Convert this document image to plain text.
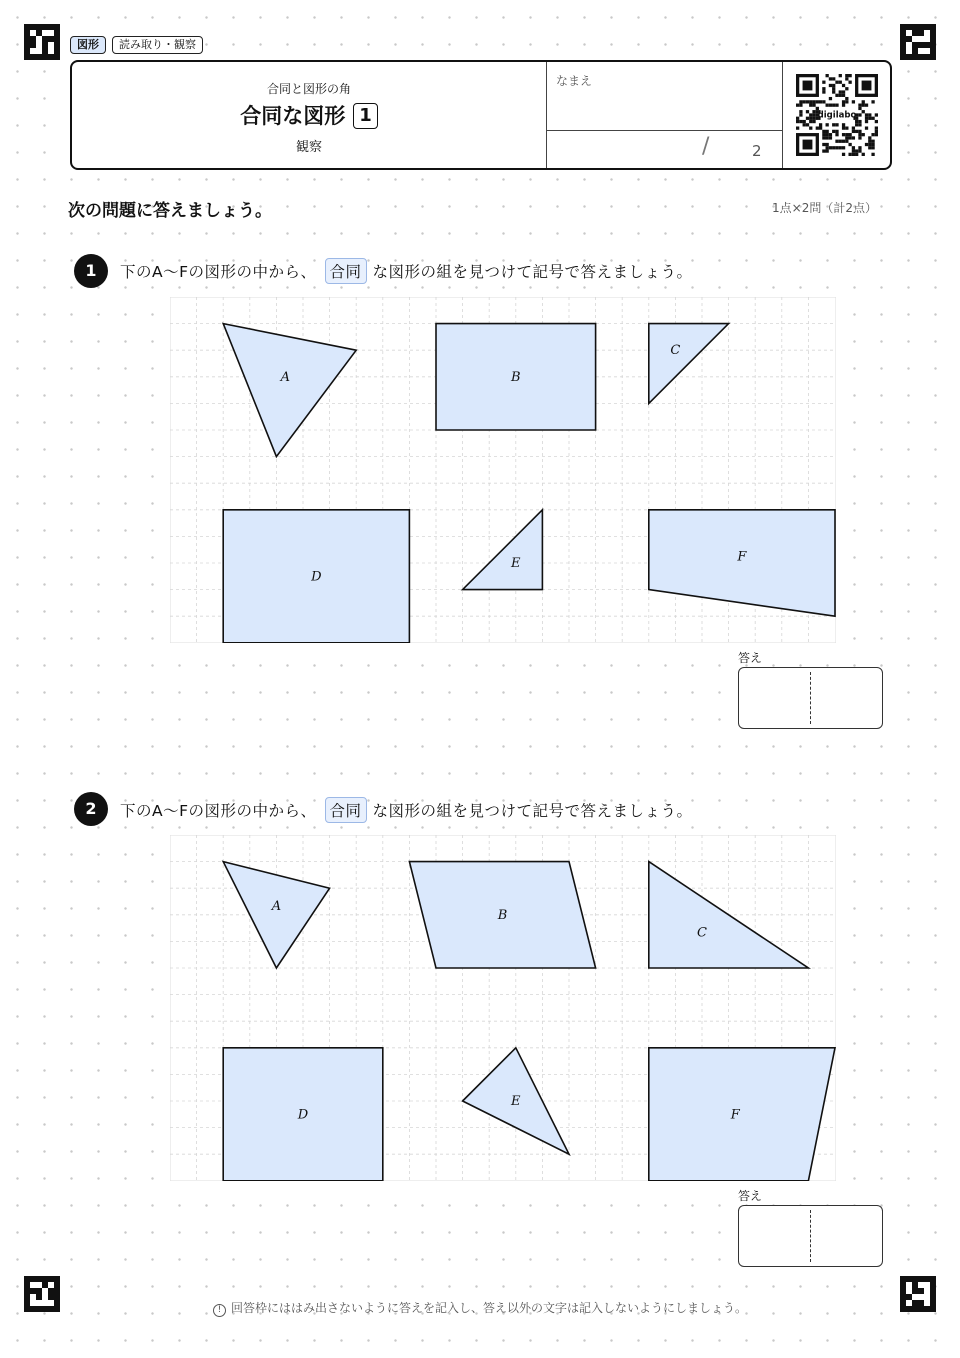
図形	読み取り・観察
合同と図形の角
合同な図形 1
観察
なまえ
/	2
digilabo
次の問題に答えましょう。	1点×2問（計2点）
1	下のA～Fの図形の中から、 合同 な図形の組を見つけて記号で答えましょう。
A	B
C
D
E	F
答え
2	下のA～Fの図形の中から、 合同 な図形の組を見つけて記号で答えましょう。
A
B
C
D
E
F
答え
! 回答枠にははみ出さないように答えを記入し、答え以外の文字は記入しないようにしましょう。
